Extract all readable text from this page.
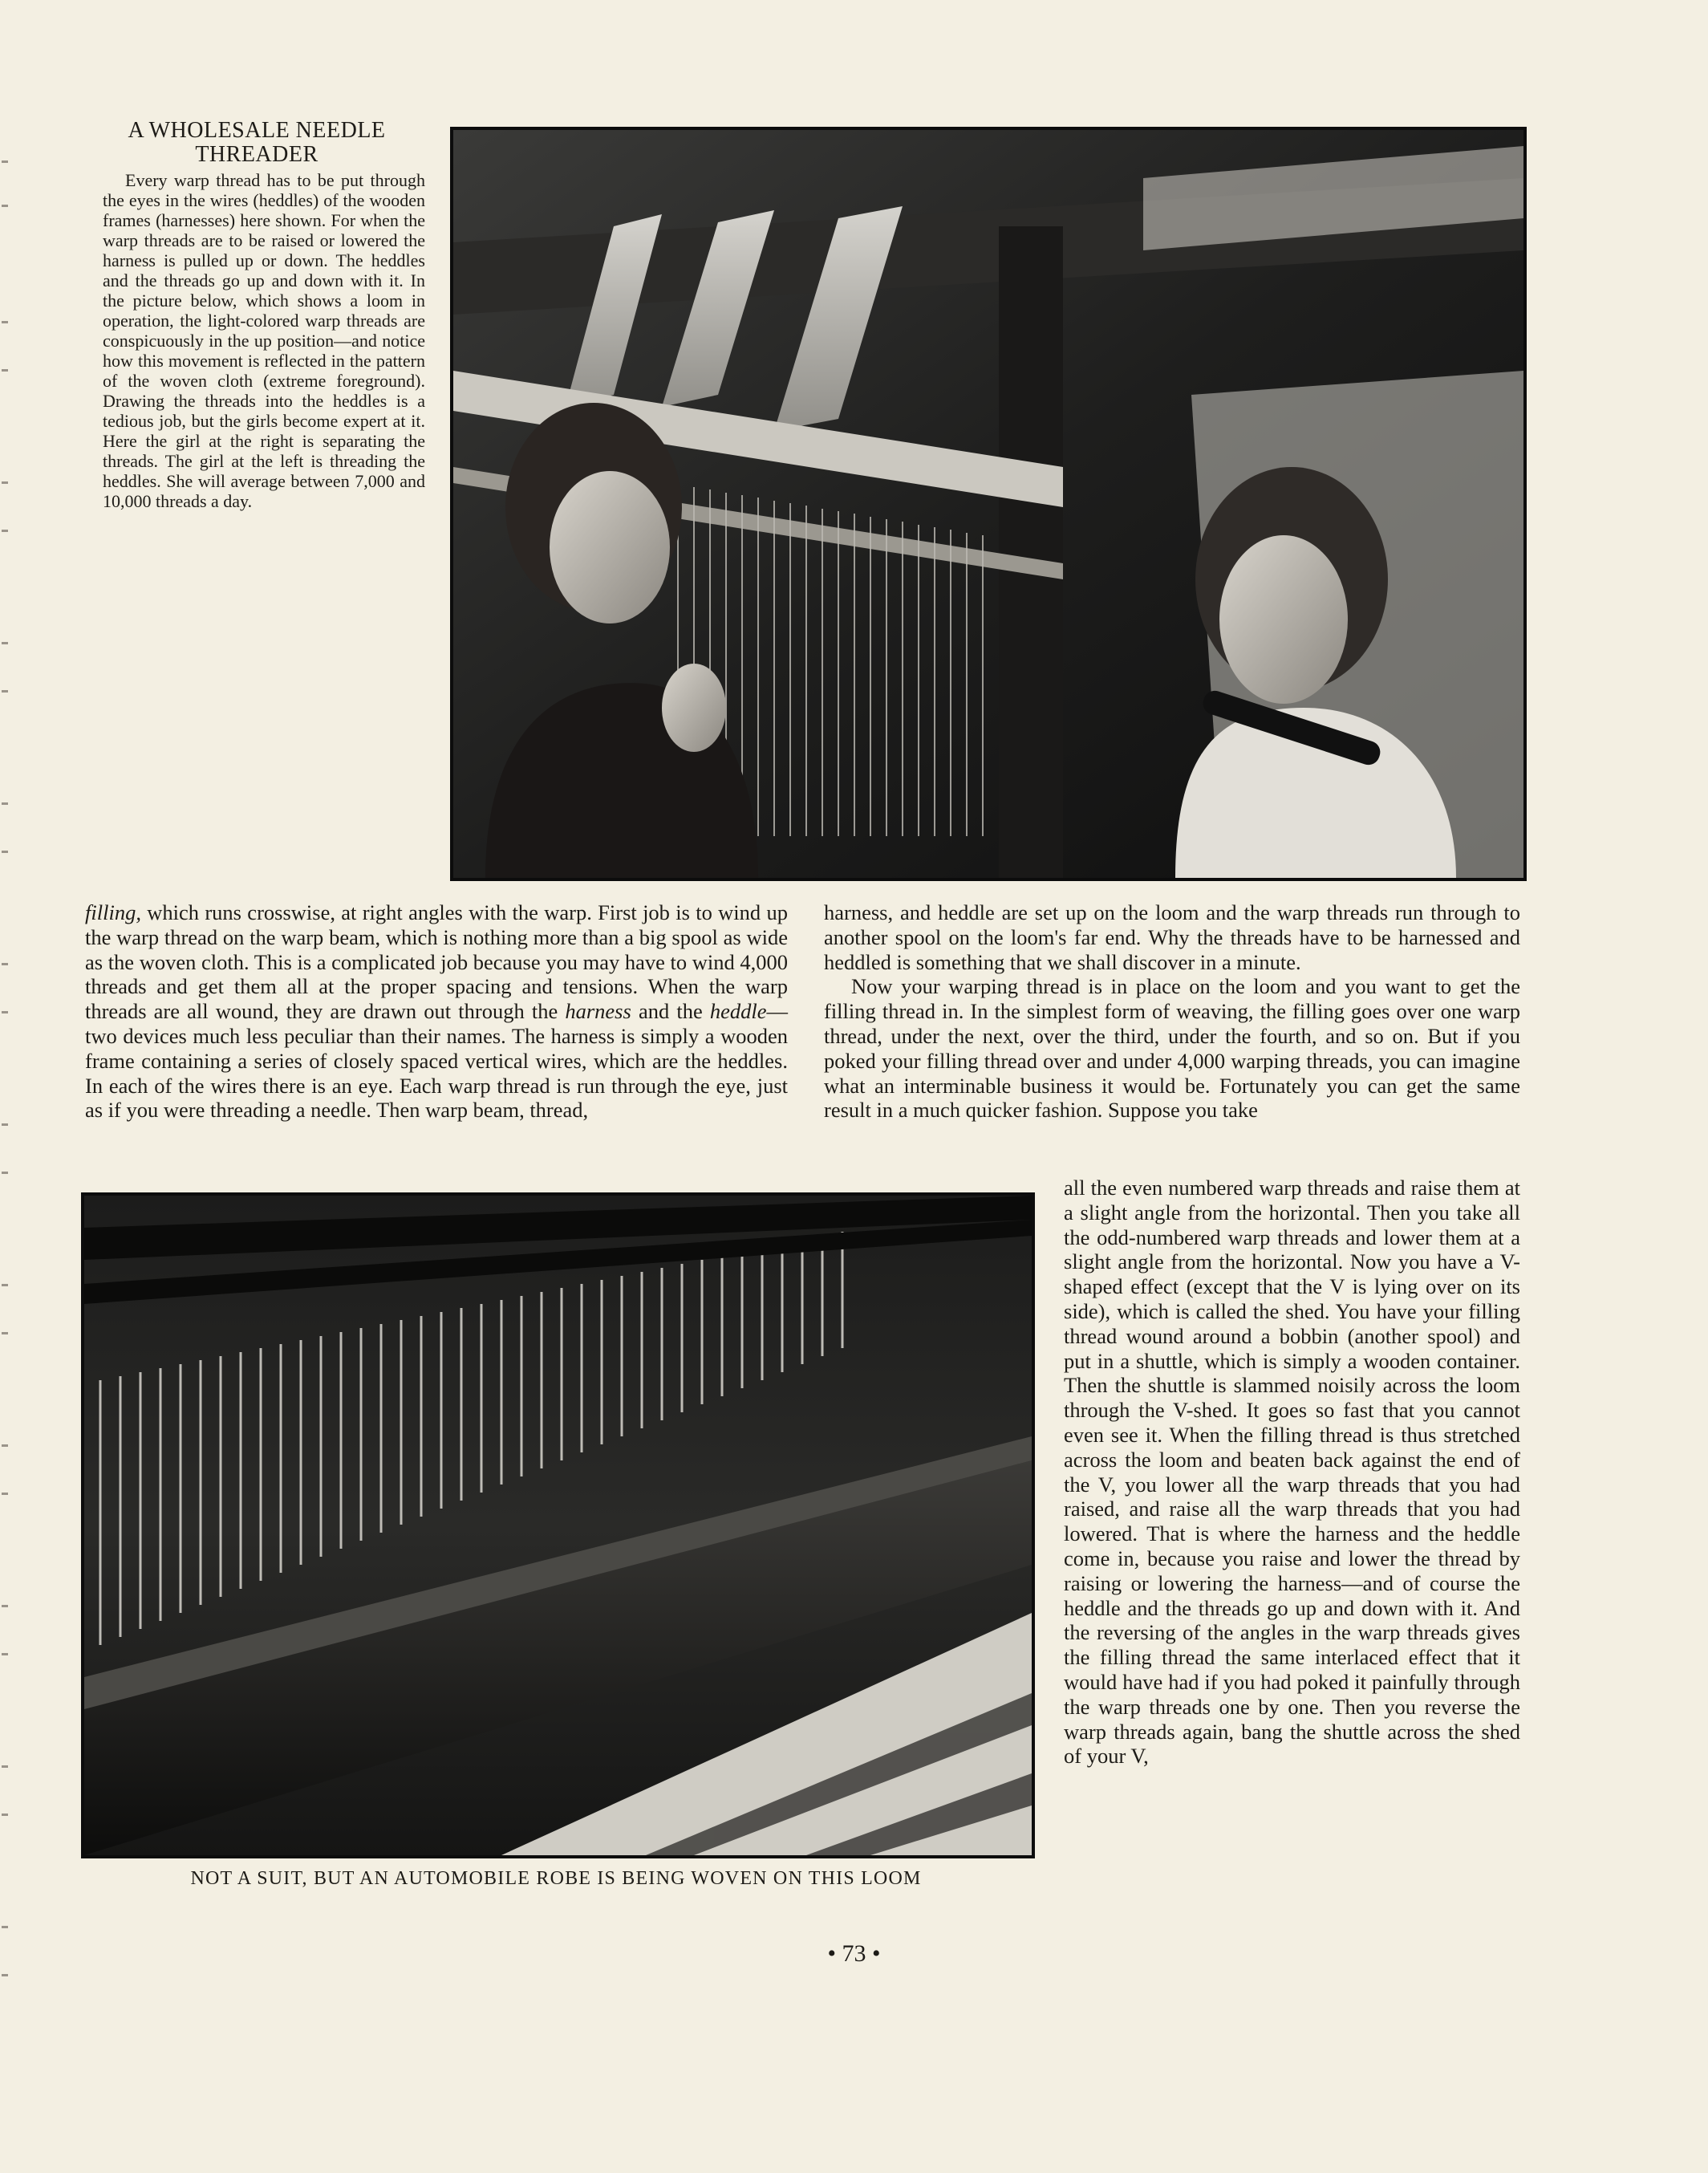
A WHOLESALE NEEDLE THREADER

Every warp thread has to be put through the eyes in the wires (heddles) of the wooden frames (harnesses) here shown. For when the warp threads are to be raised or lowered the harness is pulled up or down. The heddles and the threads go up and down with it. In the picture below, which shows a loom in operation, the light-colored warp threads are conspicuously in the up position—and notice how this movement is reflected in the pattern of the woven cloth (extreme foreground). Drawing the threads into the heddles is a tedious job, but the girls become expert at it. Here the girl at the right is separating the threads. The girl at the left is threading the heddles. She will average between 7,000 and 10,000 threads a day.

filling, which runs crosswise, at right angles with the warp. First job is to wind up the warp thread on the warp beam, which is nothing more than a big spool as wide as the woven cloth. This is a complicated job because you may have to wind 4,000 threads and get them all at the proper spacing and tensions. When the warp threads are all wound, they are drawn out through the harness and the heddle—two devices much less peculiar than their names. The harness is simply a wooden frame containing a series of closely spaced vertical wires, which are the heddles. In each of the wires there is an eye. Each warp thread is run through the eye, just as if you were threading a needle. Then warp beam, thread,

harness, and heddle are set up on the loom and the warp threads run through to another spool on the loom's far end. Why the threads have to be harnessed and heddled is something that we shall discover in a minute.

Now your warping thread is in place on the loom and you want to get the filling thread in. In the simplest form of weaving, the filling goes over one warp thread, under the next, over the third, under the fourth, and so on. But if you poked your filling thread over and under 4,000 warping threads, you can imagine what an interminable business it would be. Fortunately you can get the same result in a much quicker fashion. Suppose you take

all the even numbered warp threads and raise them at a slight angle from the horizontal. Then you take all the odd-numbered warp threads and lower them at a slight angle from the horizontal. Now you have a V-shaped effect (except that the V is lying over on its side), which is called the shed. You have your filling thread wound around a bobbin (another spool) and put in a shuttle, which is simply a wooden container. Then the shuttle is slammed noisily across the loom through the V-shed. It goes so fast that you cannot even see it. When the filling thread is thus stretched across the loom and beaten back against the end of the V, you lower all the warp threads that you had raised, and raise all the warp threads that you had lowered. That is where the harness and the heddle come in, because you raise and lower the thread by raising or lowering the harness—and of course the heddle and the threads go up and down with it. And the reversing of the angles in the warp threads gives the filling thread the same interlaced effect that it would have had if you had poked it painfully through the warp threads one by one. Then you reverse the warp threads again, bang the shuttle across the shed of your V,

NOT A SUIT, BUT AN AUTOMOBILE ROBE IS BEING WOVEN ON THIS LOOM

• 73 •
